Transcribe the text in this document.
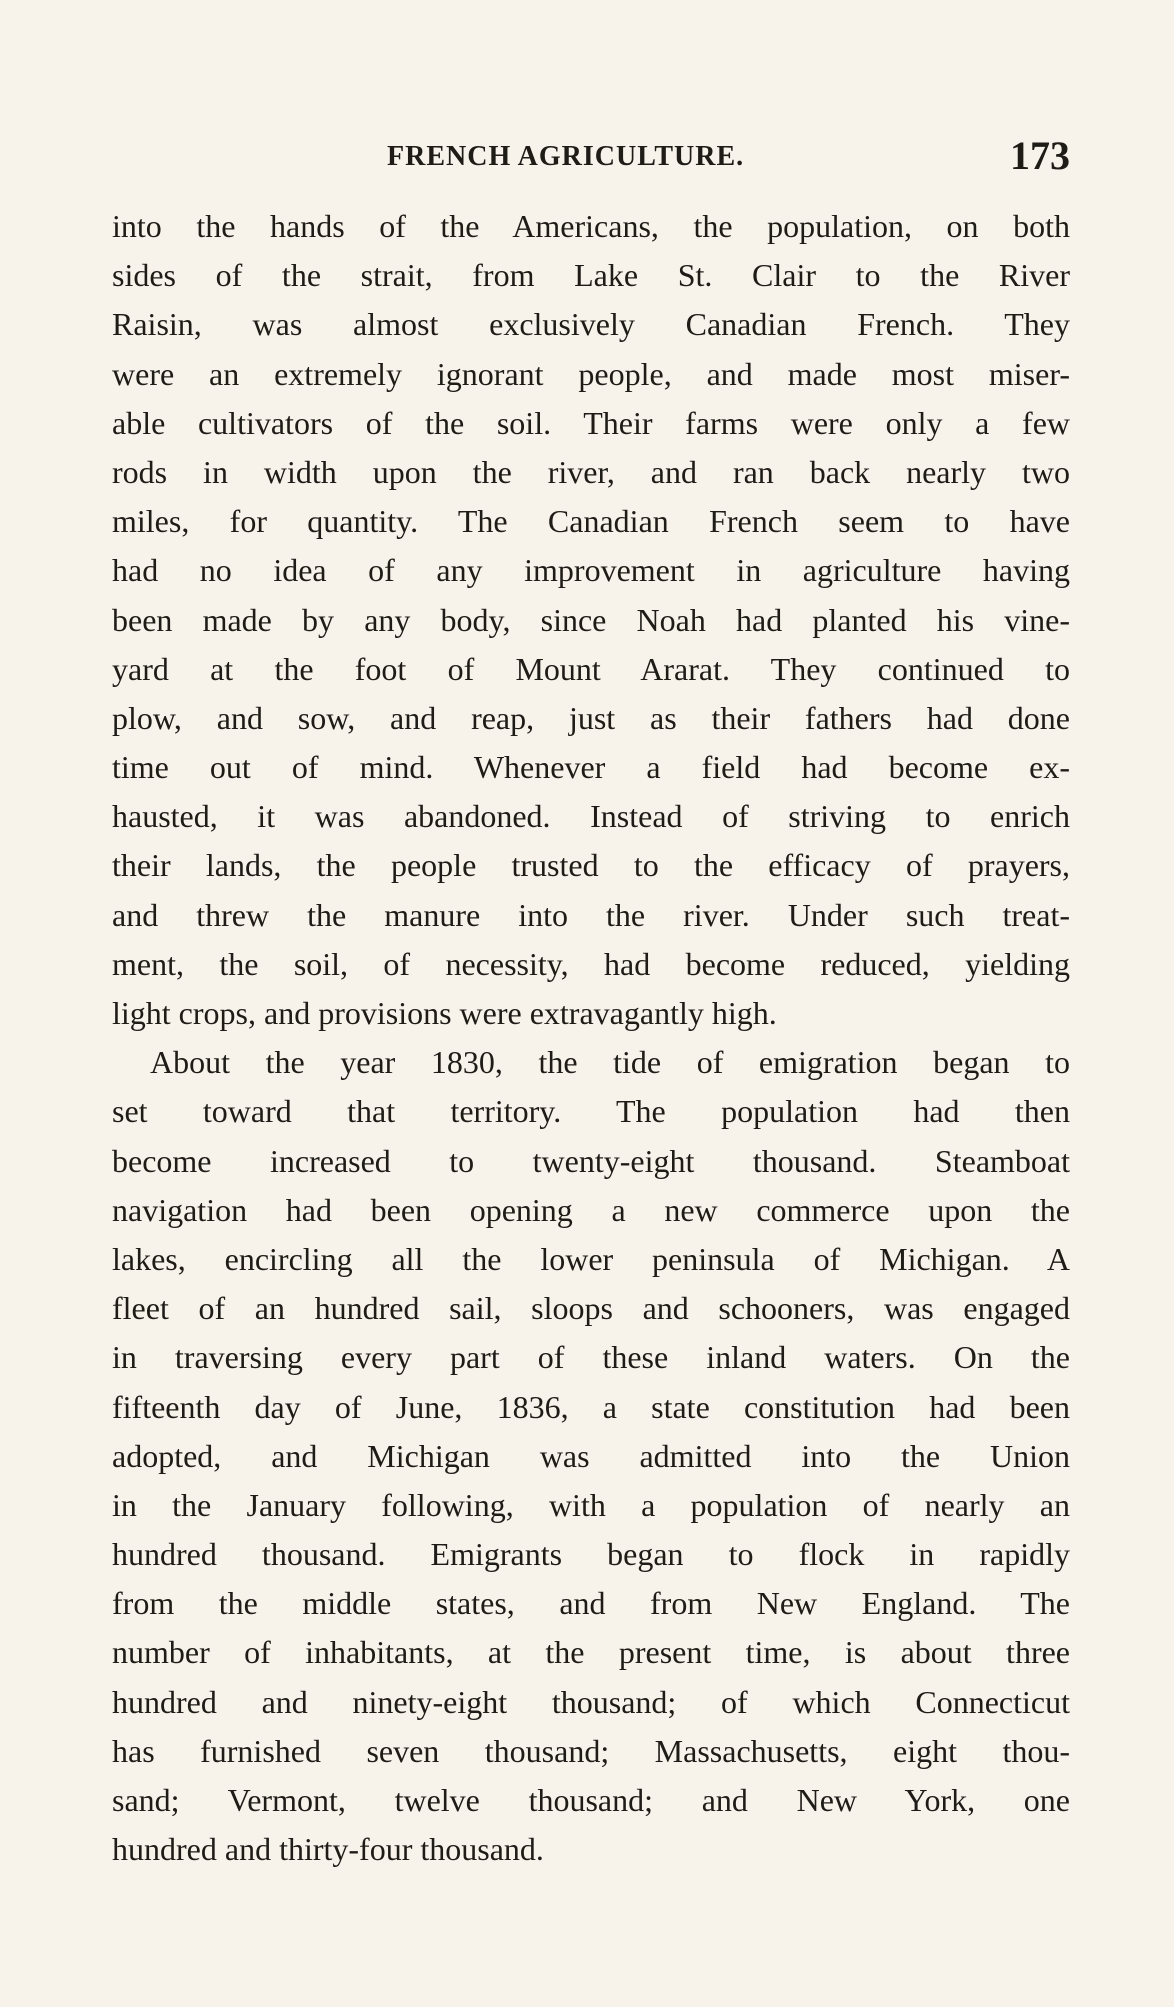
FRENCH AGRICULTURE.	173
into the hands of the Americans, the population, on both
sides of the strait, from Lake St. Clair to the River
Raisin, was almost exclusively Canadian French. They
were an extremely ignorant people, and made most miser-
able cultivators of the soil. Their farms were only a few
rods in width upon the river, and ran back nearly two
miles, for quantity. The Canadian French seem to have
had no idea of any improvement in agriculture having
been made by any body, since Noah had planted his vine-
yard at the foot of Mount Ararat. They continued to
plow, and sow, and reap, just as their fathers had done
time out of mind. Whenever a field had become ex-
hausted, it was abandoned. Instead of striving to enrich
their lands, the people trusted to the efficacy of prayers,
and threw the manure into the river. Under such treat-
ment, the soil, of necessity, had become reduced, yielding
light crops, and provisions were extravagantly high.
About the year 1830, the tide of emigration began to
set toward that territory. The population had then
become increased to twenty-eight thousand. Steamboat
navigation had been opening a new commerce upon the
lakes, encircling all the lower peninsula of Michigan. A
fleet of an hundred sail, sloops and schooners, was engaged
in traversing every part of these inland waters. On the
fifteenth day of June, 1836, a state constitution had been
adopted, and Michigan was admitted into the Union
in the January following, with a population of nearly an
hundred thousand. Emigrants began to flock in rapidly
from the middle states, and from New England. The
number of inhabitants, at the present time, is about three
hundred and ninety-eight thousand; of which Connecticut
has furnished seven thousand; Massachusetts, eight thou-
sand; Vermont, twelve thousand; and New York, one
hundred and thirty-four thousand.
